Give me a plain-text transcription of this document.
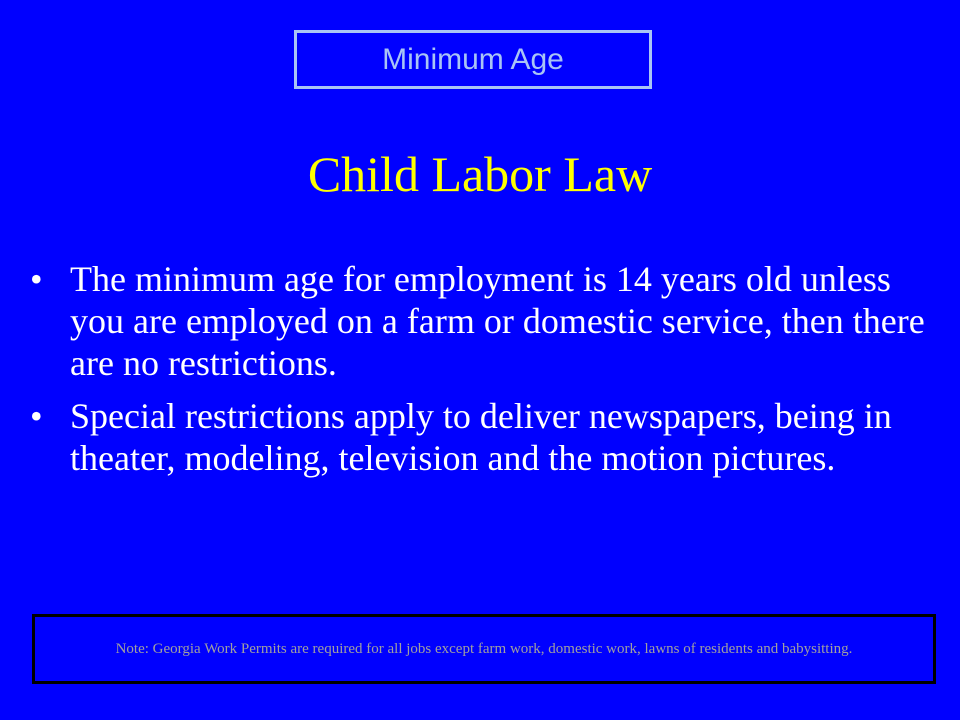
Minimum Age
Child Labor Law
• The minimum age for employment is 14 years old unless you are employed on a farm or domestic service, then there are no restrictions.
• Special restrictions apply to deliver newspapers, being in theater, modeling, television and the motion pictures.
Note: Georgia Work Permits are required for all jobs except farm work, domestic work, lawns of residents and babysitting.
